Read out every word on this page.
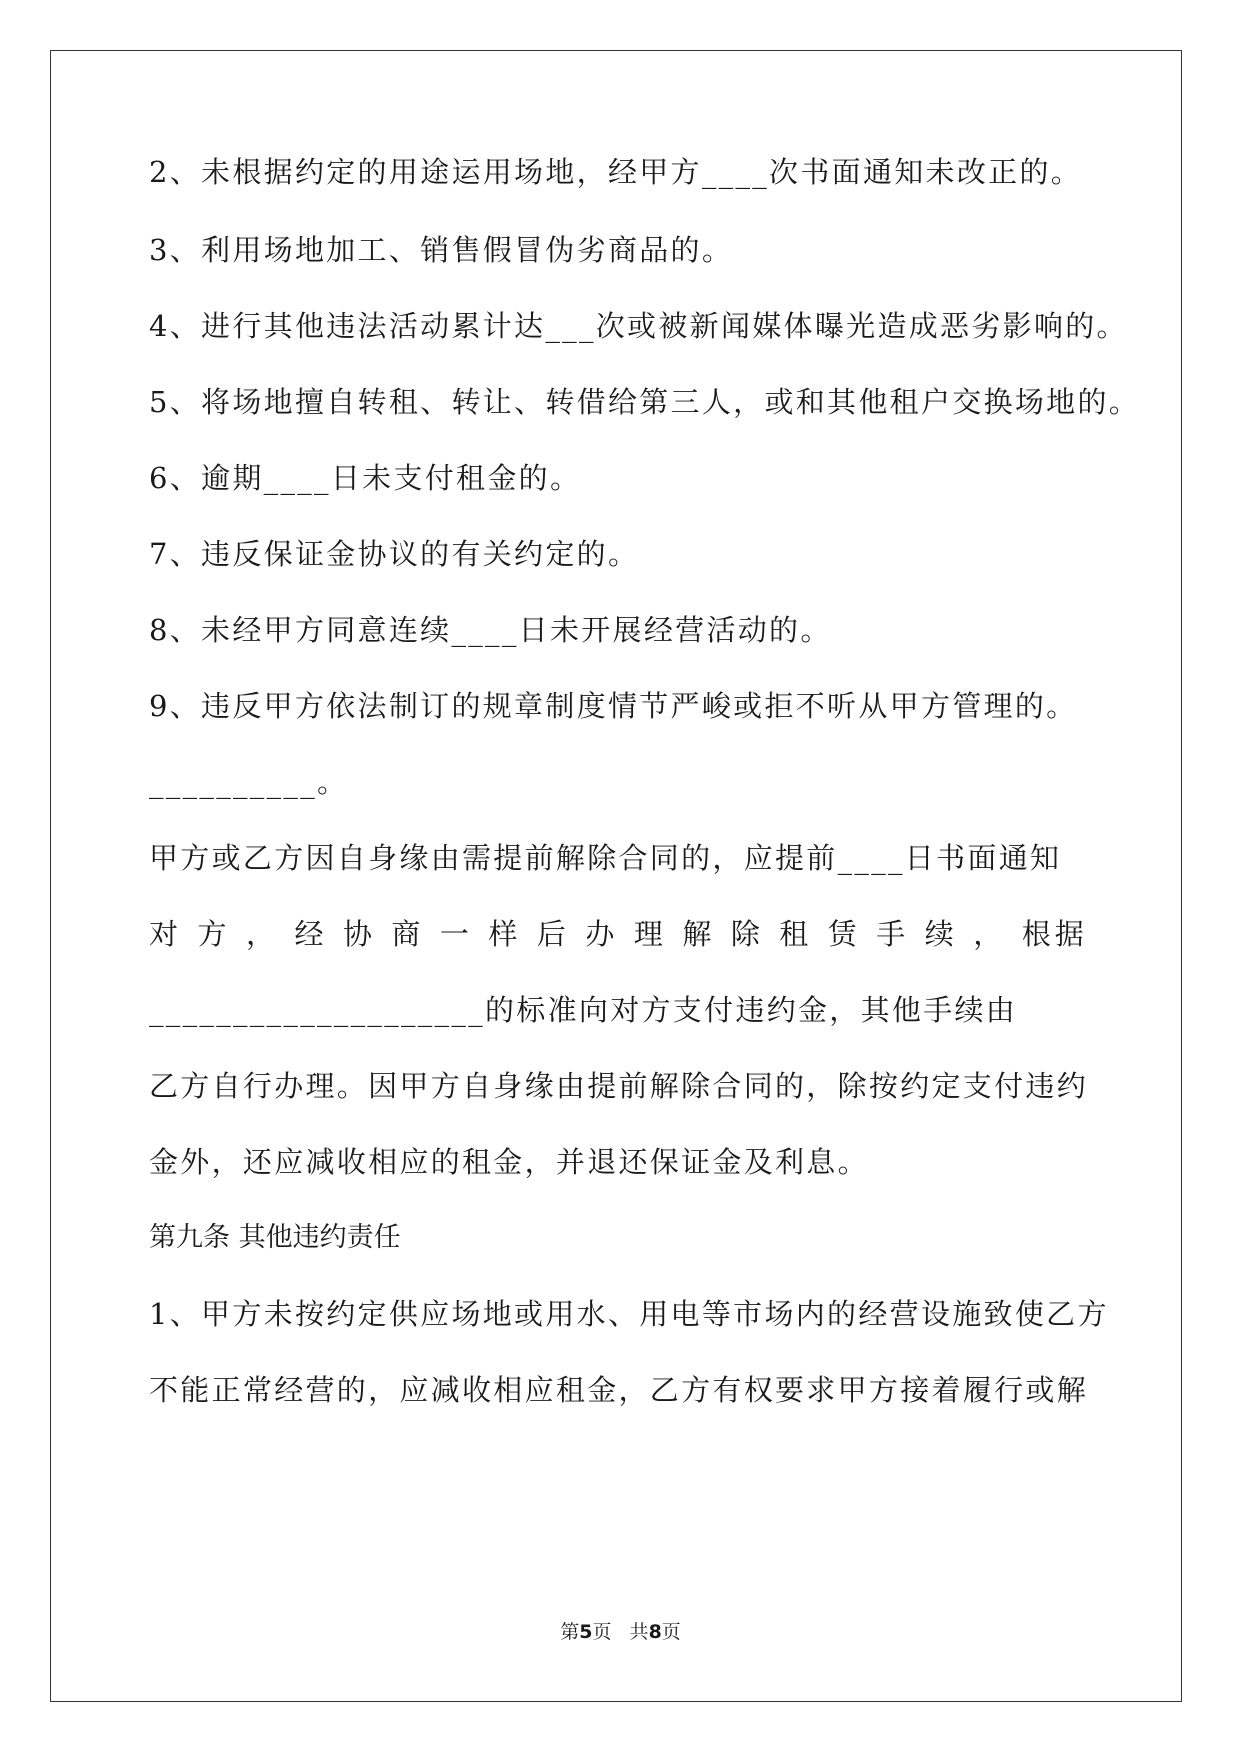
2、未根据约定的用途运用场地，经甲方____次书面通知未改正的。
3、利用场地加工、销售假冒伪劣商品的。
4、进行其他违法活动累计达___次或被新闻媒体曝光造成恶劣影响的。
5、将场地擅自转租、转让、转借给第三人，或和其他租户交换场地的。
6、逾期____日未支付租金的。
7、违反保证金协议的有关约定的。
8、未经甲方同意连续____日未开展经营活动的。
9、违反甲方依法制订的规章制度情节严峻或拒不听从甲方管理的。
__________。
甲方或乙方因自身缘由需提前解除合同的，应提前____日书面通知
对 方 ， 经 协 商 一 样 后 办 理 解 除 租 赁 手 续 ， 根 据
____________________的标准向对方支付违约金，其他手续由
乙方自行办理。因甲方自身缘由提前解除合同的，除按约定支付违约
金外，还应减收相应的租金，并退还保证金及利息。
第九条 其他违约责任
1、甲方未按约定供应场地或用水、用电等市场内的经营设施致使乙方
不能正常经营的，应减收相应租金，乙方有权要求甲方接着履行或解
第5页   共8页
